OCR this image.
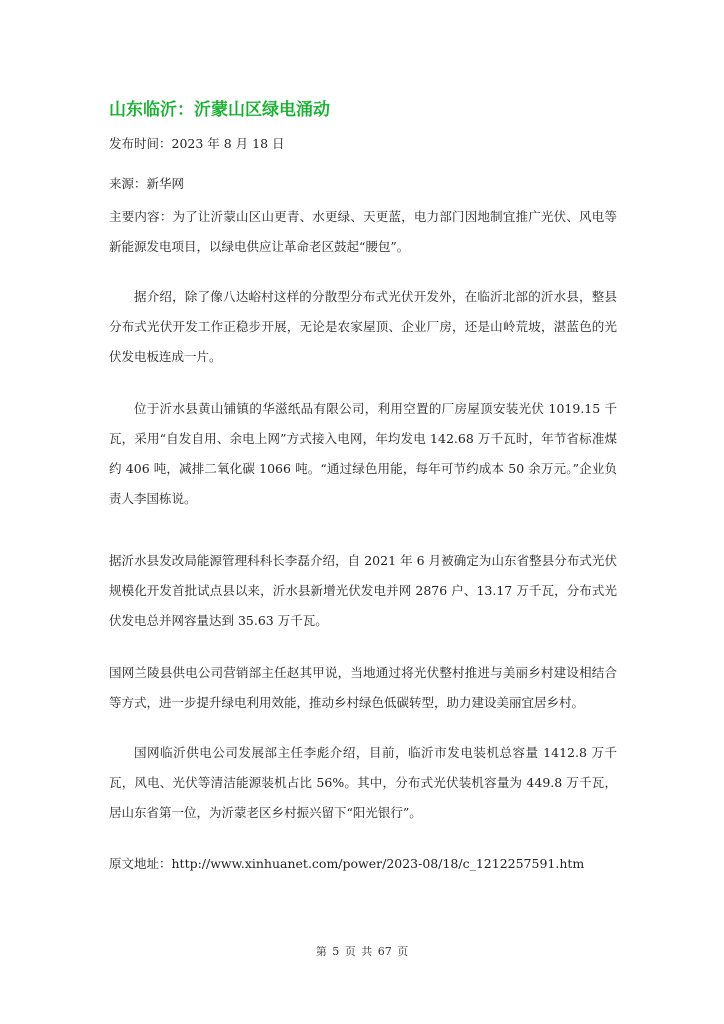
山东临沂：沂蒙山区绿电涌动
发布时间：2023 年 8 月 18 日
来源：新华网

主要内容：为了让沂蒙山区山更青、水更绿、天更蓝，电力部门因地制宜推广光伏、风电等新能源发电项目，以绿电供应让革命老区鼓起“腰包”。

据介绍，除了像八达峪村这样的分散型分布式光伏开发外，在临沂北部的沂水县，整县分布式光伏开发工作正稳步开展，无论是农家屋顶、企业厂房，还是山岭荒坡，湛蓝色的光伏发电板连成一片。

位于沂水县黄山铺镇的华滋纸品有限公司，利用空置的厂房屋顶安装光伏 1019.15 千瓦，采用“自发自用、余电上网”方式接入电网，年均发电 142.68 万千瓦时，年节省标准煤约 406 吨，减排二氧化碳 1066 吨。“通过绿色用能，每年可节约成本 50 余万元。”企业负责人李国栋说。

据沂水县发改局能源管理科科长李磊介绍，自 2021 年 6 月被确定为山东省整县分布式光伏规模化开发首批试点县以来，沂水县新增光伏发电并网 2876 户、13.17 万千瓦，分布式光伏发电总并网容量达到 35.63 万千瓦。

国网兰陵县供电公司营销部主任赵其甲说，当地通过将光伏整村推进与美丽乡村建设相结合等方式，进一步提升绿电利用效能，推动乡村绿色低碳转型，助力建设美丽宜居乡村。

国网临沂供电公司发展部主任李彪介绍，目前，临沂市发电装机总容量 1412.8 万千瓦，风电、光伏等清洁能源装机占比 56%。其中，分布式光伏装机容量为 449.8 万千瓦，居山东省第一位，为沂蒙老区乡村振兴留下“阳光银行”。

原文地址：http://www.xinhuanet.com/power/2023-08/18/c_1212257591.htm
第 5 页 共 67 页
